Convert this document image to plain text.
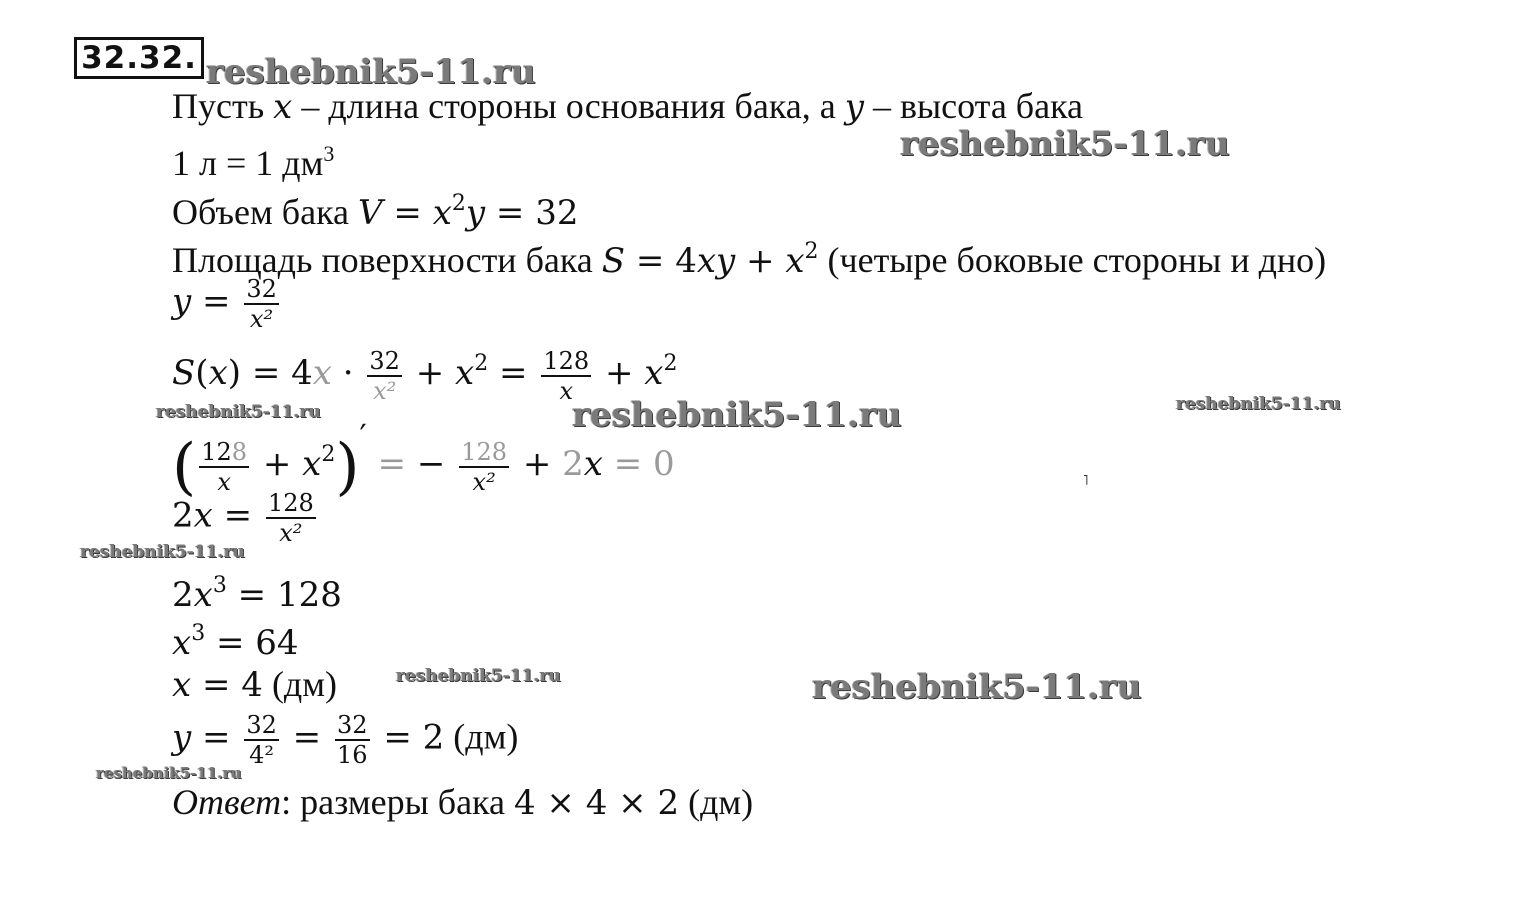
32.32. reshebnik5-11.ru
reshebnik5-11.ru
reshebnik5-11.ru
reshebnik5-11.ru
reshebnik5-11.ru	reshebnik5-11.ru
reshebnik5-11.ru
reshebnik5-11.ru
reshebnik5-11.ru
˥
Пусть x – длина стороны основания бака, а y – высота бака
1 л = 1 $дм^3$
Объем бака $V = x^2y = 32$
Площадь поверхности бака $S = 4xy + x^2$ (четыре боковые стороны и дно)
$y = \frac{32}{\text{x²}}$
$S(x) = 4x \cdot \frac{32}{\text{x²}} + x^2 = \frac{128}{x} + x^2$
( $\frac{128}{x} + x^2)'$ = − $\frac{128}{\text{x²}} + 2x = 0$
$2x = \frac{128}{\text{x²}}$
$2x^3 = 128$
$x^3 = 64$
x = 4 (дм)
$y = \frac{32}{\text{4²}} = \frac{32}{16} = 2$ (дм)
Ответ: размеры бака 4 × 4 × 2 (дм)
